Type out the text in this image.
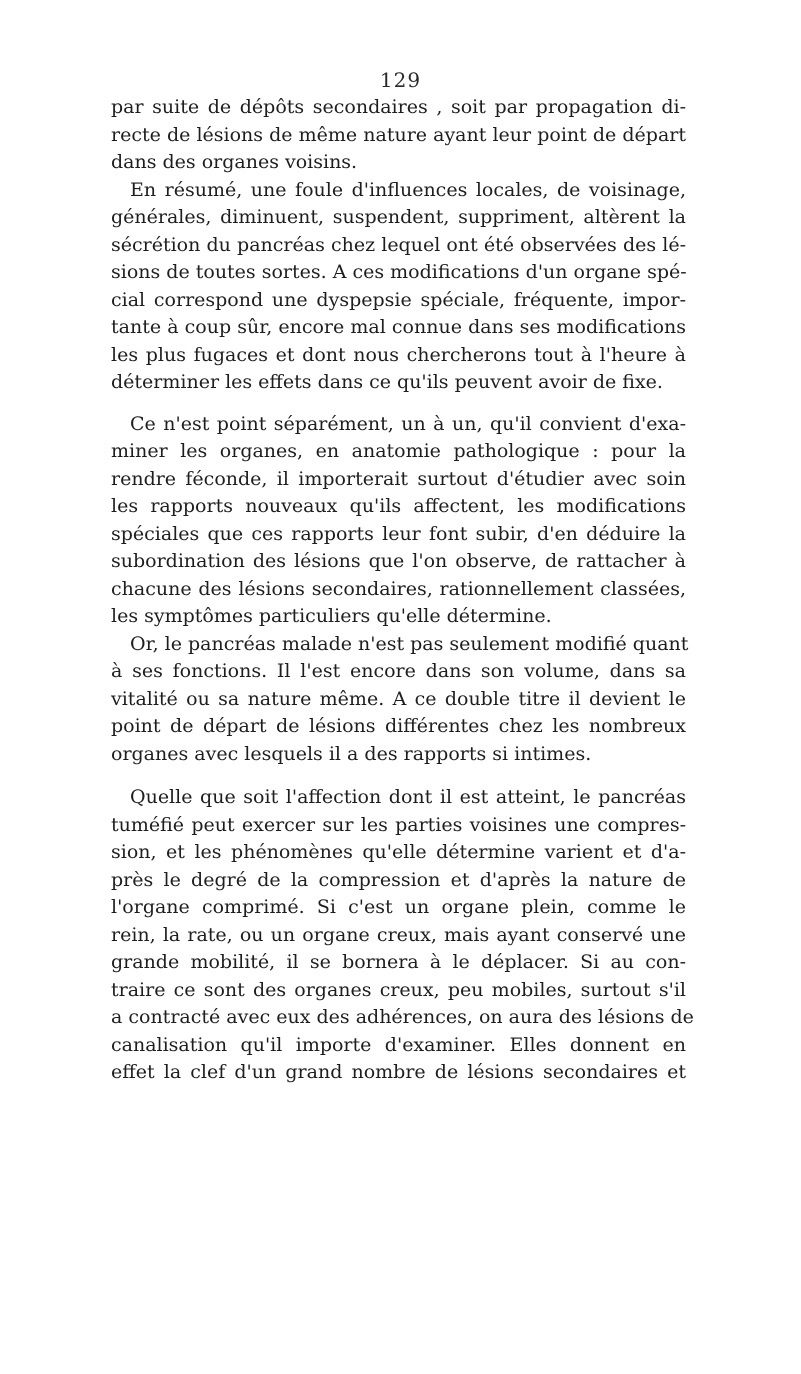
129
par suite de dépôts secondaires , soit par propagation di-
recte de lésions de même nature ayant leur point de départ
dans des organes voisins.
En résumé, une foule d'influences locales, de voisinage,
générales, diminuent, suspendent, suppriment, altèrent la
sécrétion du pancréas chez lequel ont été observées des lé-
sions de toutes sortes. A ces modifications d'un organe spé-
cial correspond une dyspepsie spéciale, fréquente, impor-
tante à coup sûr, encore mal connue dans ses modifications
les plus fugaces et dont nous chercherons tout à l'heure à
déterminer les effets dans ce qu'ils peuvent avoir de fixe.
Ce n'est point séparément, un à un, qu'il convient d'exa-
miner les organes, en anatomie pathologique : pour la
rendre féconde, il importerait surtout d'étudier avec soin
les rapports nouveaux qu'ils affectent, les modifications
spéciales que ces rapports leur font subir, d'en déduire la
subordination des lésions que l'on observe, de rattacher à
chacune des lésions secondaires, rationnellement classées,
les symptômes particuliers qu'elle détermine.
Or, le pancréas malade n'est pas seulement modifié quant
à ses fonctions. Il l'est encore dans son volume, dans sa
vitalité ou sa nature même. A ce double titre il devient le
point de départ de lésions différentes chez les nombreux
organes avec lesquels il a des rapports si intimes.
Quelle que soit l'affection dont il est atteint, le pancréas
tuméfié peut exercer sur les parties voisines une compres-
sion, et les phénomènes qu'elle détermine varient et d'a-
près le degré de la compression et d'après la nature de
l'organe comprimé. Si c'est un organe plein, comme le
rein, la rate, ou un organe creux, mais ayant conservé une
grande mobilité, il se bornera à le déplacer. Si au con-
traire ce sont des organes creux, peu mobiles, surtout s'il
a contracté avec eux des adhérences, on aura des lésions de
canalisation qu'il importe d'examiner. Elles donnent en
effet la clef d'un grand nombre de lésions secondaires et
